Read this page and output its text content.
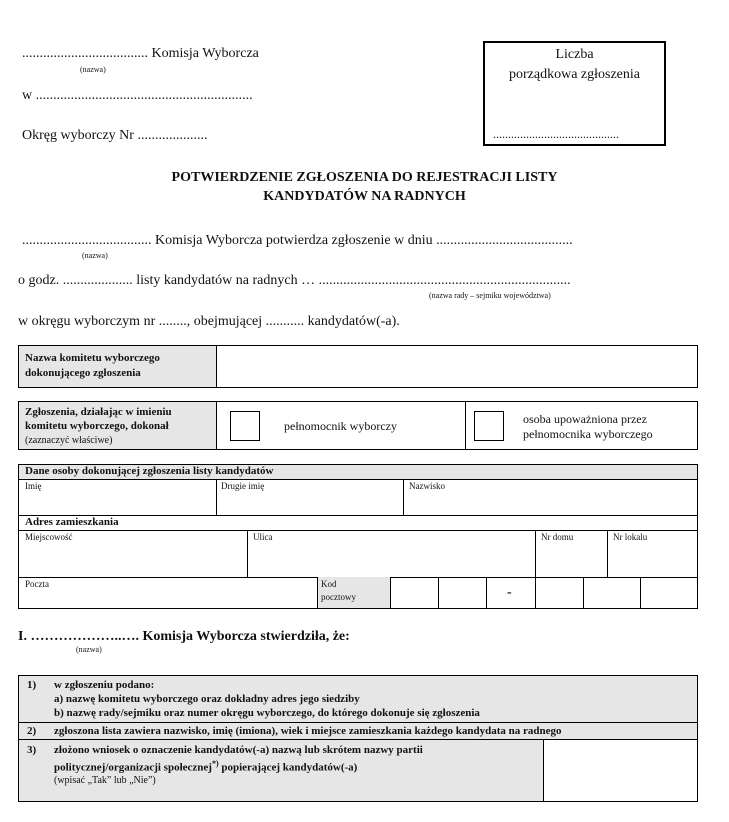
.................................... Komisja Wyborcza
(nazwa)
w ..............................................................
Okręg wyborczy Nr ....................
Liczba
porządkowa zgłoszenia
..........................................
POTWIERDZENIE ZGŁOSZENIA DO REJESTRACJI LISTY
KANDYDATÓW NA RADNYCH
..................................... Komisja Wyborcza potwierdza zgłoszenie w dniu .......................................
(nazwa)
o godz. .................... listy kandydatów na radnych … ........................................................................
(nazwa rady – sejmiku województwa)
w okręgu wyborczym nr ........, obejmującej ........... kandydatów(-a).
Nazwa komitetu wyborczego
dokonującego zgłoszenia
Zgłoszenia, działając w imieniu
komitetu wyborczego, dokonał
(zaznaczyć właściwe)
pełnomocnik wyborczy	osoba upoważniona przez
pełnomocnika wyborczego
Dane osoby dokonującej zgłoszenia listy kandydatów
Imię	Drugie imię	Nazwisko
Adres zamieszkania
Miejscowość	Ulica	Nr domu	Nr lokalu
Poczta	Kod
pocztowy	-
I. ………………..…. Komisja Wyborcza stwierdziła, że:
(nazwa)
1) w zgłoszeniu podano:
a) nazwę komitetu wyborczego oraz dokładny adres jego siedziby
b) nazwę rady/sejmiku oraz numer okręgu wyborczego, do którego dokonuje się zgłoszenia
2) zgłoszona lista zawiera nazwisko, imię (imiona), wiek i miejsce zamieszkania każdego kandydata na radnego
3) złożono wniosek o oznaczenie kandydatów(-a) nazwą lub skrótem nazwy partii
politycznej/organizacji społecznej*) popierającej kandydatów(-a)
(wpisać „Tak” lub „Nie”)
